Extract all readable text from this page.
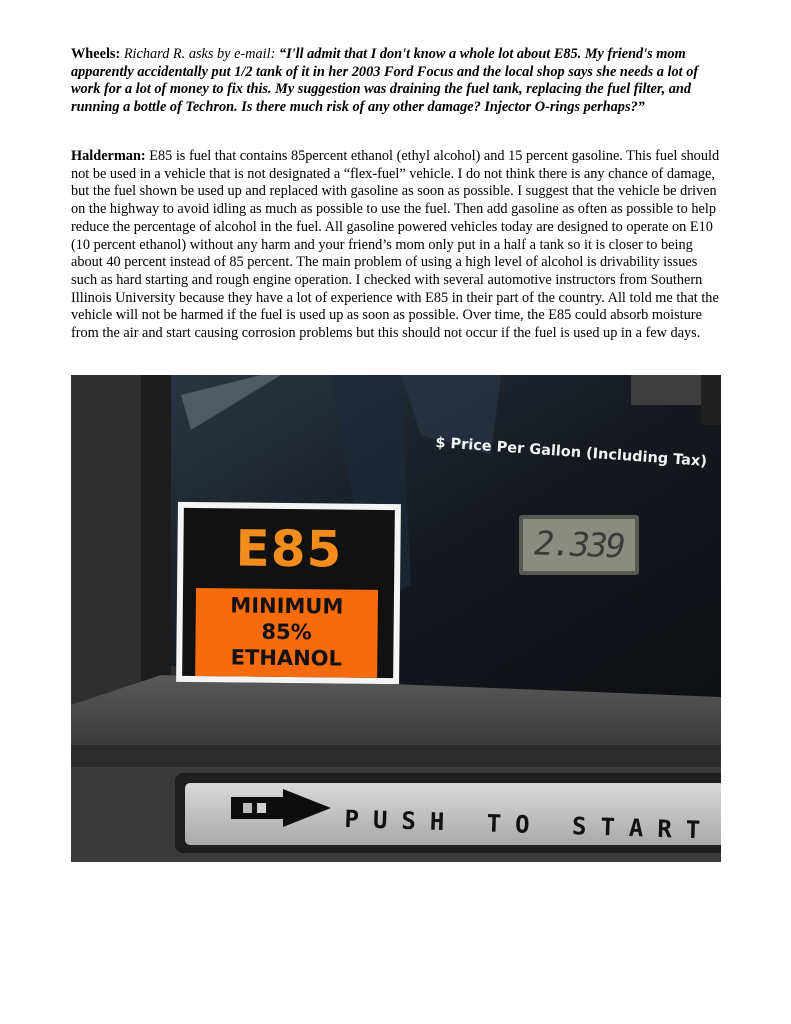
Wheels: Richard R. asks by e-mail: “I'll admit that I don't know a whole lot about E85. My friend's mom apparently accidentally put 1/2 tank of it in her 2003 Ford Focus and the local shop says she needs a lot of work for a lot of money to fix this. My suggestion was draining the fuel tank, replacing the fuel filter, and running a bottle of Techron. Is there much risk of any other damage? Injector O-rings perhaps?”

Halderman: E85 is fuel that contains 85percent ethanol (ethyl alcohol) and 15 percent gasoline. This fuel should not be used in a vehicle that is not designated a “flex-fuel” vehicle. I do not think there is any chance of damage, but the fuel shown be used up and replaced with gasoline as soon as possible. I suggest that the vehicle be driven on the highway to avoid idling as much as possible to use the fuel. Then add gasoline as often as possible to help reduce the percentage of alcohol in the fuel. All gasoline powered vehicles today are designed to operate on E10 (10 percent ethanol) without any harm and your friend’s mom only put in a half a tank so it is closer to being about 40 percent instead of 85 percent. The main problem of using a high level of alcohol is drivability issues such as hard starting and rough engine operation. I checked with several automotive instructors from Southern Illinois University because they have a lot of experience with E85 in their part of the country. All told me that the vehicle will not be harmed if the fuel is used up as soon as possible. Over time, the E85 could absorb moisture from the air and start causing corrosion problems but this should not occur if the fuel is used up in a few days.

$ Price Per Gallon (Including Tax)
2.339
E85
MINIMUM
85%
ETHANOL
PUSH TO START
